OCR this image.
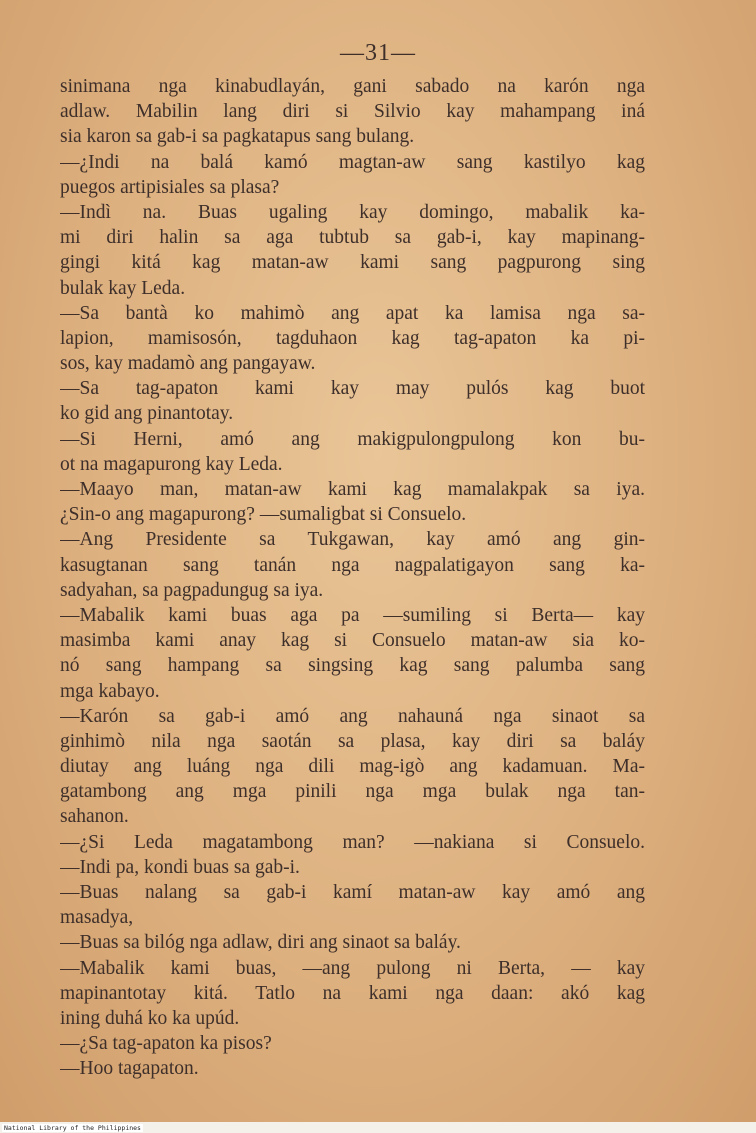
—31—
sinimana nga kinabudlayán, gani sabado na karón nga
adlaw. Mabilin lang diri si Silvio kay mahampang iná
sia karon sa gab-i sa pagkatapus sang bulang.
—¿Indi na balá kamó magtan-aw sang kastilyo kag
puegos artipisiales sa plasa?
—Indì na. Buas ugaling kay domingo, mabalik ka-
mi diri halin sa aga tubtub sa gab-i, kay mapinang-
gingi kitá kag matan-aw kami sang pagpurong sing
bulak kay Leda.
—Sa bantà ko mahimò ang apat ka lamisa nga sa-
lapion, mamisosón, tagduhaon kag tag-apaton ka pi-
sos, kay madamò ang pangayaw.
—Sa tag-apaton kami kay may pulós kag buot
ko gid ang pinantotay.
—Si Herni, amó ang makigpulongpulong kon bu-
ot na magapurong kay Leda.
—Maayo man, matan-aw kami kag mamalakpak sa iya.
¿Sin-o ang magapurong? —sumaligbat si Consuelo.
—Ang Presidente sa Tukgawan, kay amó ang gin-
kasugtanan sang tanán nga nagpalatigayon sang ka-
sadyahan, sa pagpadungug sa iya.
—Mabalik kami buas aga pa —sumiling si Berta— kay
masimba kami anay kag si Consuelo matan-aw sia ko-
nó sang hampang sa singsing kag sang palumba sang
mga kabayo.
—Karón sa gab-i amó ang nahauná nga sinaot sa
ginhimò nila nga saotán sa plasa, kay diri sa baláy
diutay ang luáng nga dili mag-igò ang kadamuan. Ma-
gatambong ang mga pinili nga mga bulak nga tan-
sahanon.
—¿Si Leda magatambong man? —nakiana si Consuelo.
—Indi pa, kondi buas sa gab-i.
—Buas nalang sa gab-i kamí matan-aw kay amó ang
masadya,
—Buas sa bilóg nga adlaw, diri ang sinaot sa baláy.
—Mabalik kami buas, —ang pulong ni Berta, — kay
mapinantotay kitá. Tatlo na kami nga daan: akó kag
ining duhá ko ka upúd.
—¿Sa tag-apaton ka pisos?
—Hoo tagapaton.
National Library of the Philippines
